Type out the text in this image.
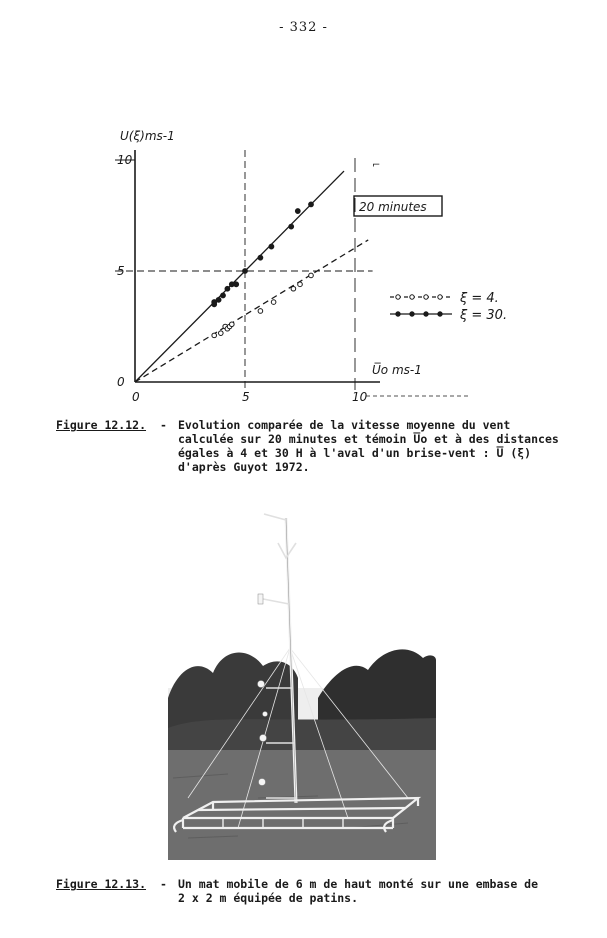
- 332 -
U(ξ)ms-1
U̅o ms-1
0
5
10
0	5	10
20 minutes
ξ = 4.
ξ = 30.
⌐
Figure 12.12. - Evolution comparée de la vitesse moyenne du vent
calculée sur 20 minutes et témoin U̅o et à des distances
égales à 4 et 30 H à l'aval d'un brise-vent : U̅ (ξ)
d'après Guyot 1972.
Figure 12.13. - Un mat mobile de 6 m de haut monté sur une embase de
2 x 2 m équipée de patins.
